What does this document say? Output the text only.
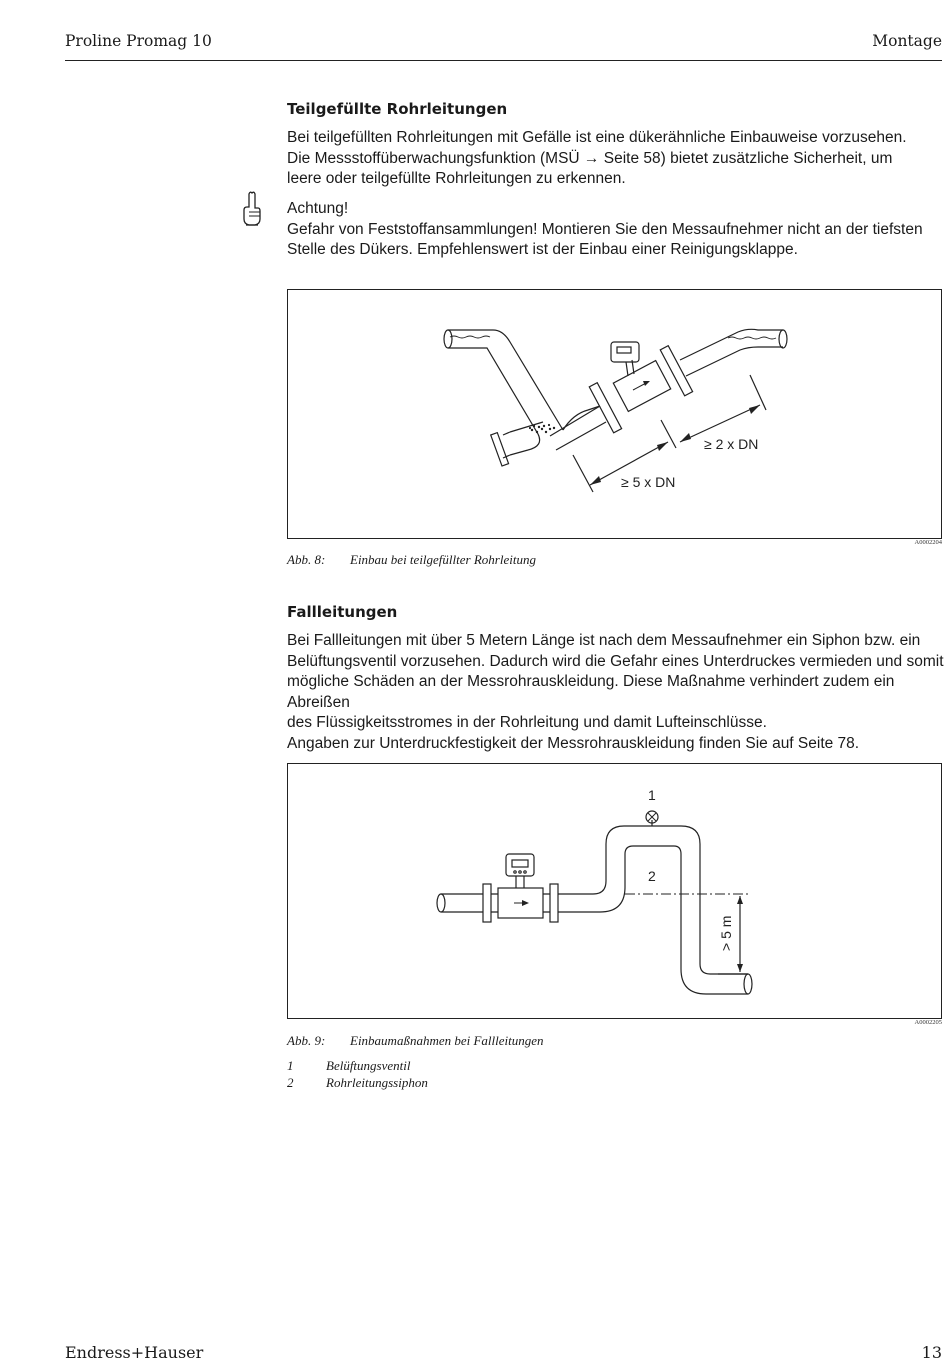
Proline Promag 10	Montage
Teilgefüllte Rohrleitungen
Bei teilgefüllten Rohrleitungen mit Gefälle ist eine dükerähnliche Einbauweise vorzusehen.
Die Messstoffüberwachungsfunktion (MSÜ → Seite 58) bietet zusätzliche Sicherheit, um
leere oder teilgefüllte Rohrleitungen zu erkennen.
Achtung!
Gefahr von Feststoffansammlungen! Montieren Sie den Messaufnehmer nicht an der tiefsten
Stelle des Dükers. Empfehlenswert ist der Einbau einer Reinigungsklappe.
≥ 5 x DN
≥ 2 x DN
A0002204
Abb. 8: Einbau bei teilgefüllter Rohrleitung
Fallleitungen
Bei Fallleitungen mit über 5 Metern Länge ist nach dem Messaufnehmer ein Siphon bzw. ein
Belüftungsventil vorzusehen. Dadurch wird die Gefahr eines Unterdruckes vermieden und somit
mögliche Schäden an der Messrohrauskleidung. Diese Maßnahme verhindert zudem ein Abreißen
des Flüssigkeitsstromes in der Rohrleitung und damit Lufteinschlüsse.
Angaben zur Unterdruckfestigkeit der Messrohrauskleidung finden Sie auf Seite 78.
1
2
> 5 m
A0002205
Abb. 9: Einbaumaßnahmen bei Fallleitungen
1	Belüftungsventil
2	Rohrleitungssiphon
Endress+Hauser	13
